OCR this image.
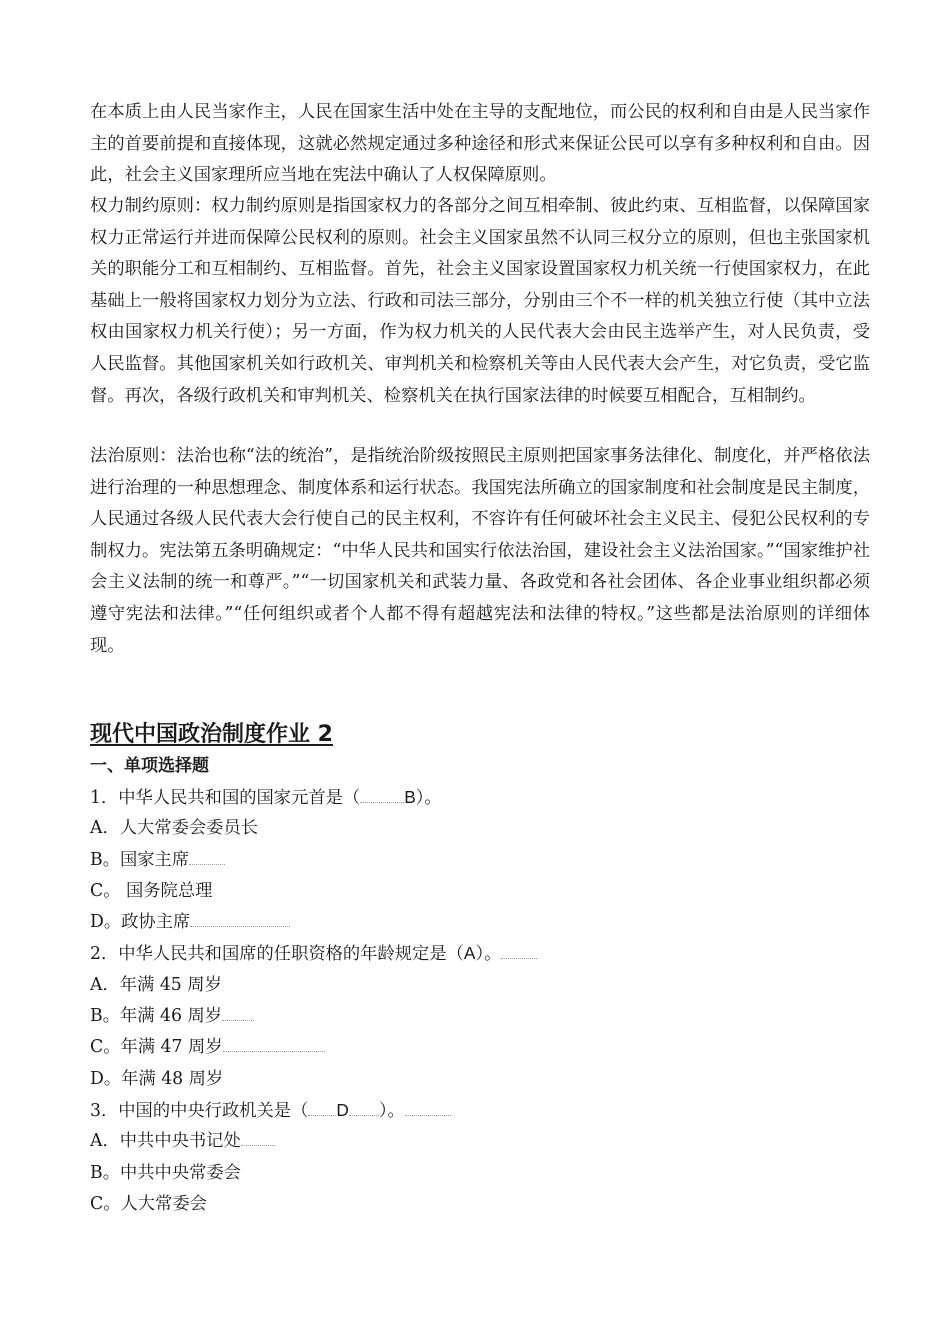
在本质上由人民当家作主，人民在国家生活中处在主导的支配地位，而公民的权利和自由是人民当家作主的首要前提和直接体现，这就必然规定通过多种途径和形式来保证公民可以享有多种权利和自由。因此，社会主义国家理所应当地在宪法中确认了人权保障原则。

权力制约原则：权力制约原则是指国家权力的各部分之间互相牵制、彼此约束、互相监督，以保障国家权力正常运行并进而保障公民权利的原则。社会主义国家虽然不认同三权分立的原则，但也主张国家机关的职能分工和互相制约、互相监督。首先，社会主义国家设置国家权力机关统一行使国家权力，在此基础上一般将国家权力划分为立法、行政和司法三部分，分别由三个不一样的机关独立行使（其中立法权由国家权力机关行使）；另一方面，作为权力机关的人民代表大会由民主选举产生，对人民负责，受人民监督。其他国家机关如行政机关、审判机关和检察机关等由人民代表大会产生，对它负责，受它监督。再次，各级行政机关和审判机关、检察机关在执行国家法律的时候要互相配合，互相制约。

法治原则：法治也称“法的统治”，是指统治阶级按照民主原则把国家事务法律化、制度化，并严格依法进行治理的一种思想理念、制度体系和运行状态。我国宪法所确立的国家制度和社会制度是民主制度，人民通过各级人民代表大会行使自己的民主权利，不容许有任何破坏社会主义民主、侵犯公民权利的专制权力。宪法第五条明确规定：“中华人民共和国实行依法治国，建设社会主义法治国家。”“国家维护社会主义法制的统一和尊严。”“一切国家机关和武装力量、各政党和各社会团体、各企业事业组织都必须遵守宪法和法律。”“任何组织或者个人都不得有超越宪法和法律的特权。”这些都是法治原则的详细体现。

现代中国政治制度作业 2
一、单项选择题
1．中华人民共和国的国家元首是（	B）。
A．人大常委会委员长
B。国家主席
C。 国务院总理
D。政协主席
2．中华人民共和国席的任职资格的年龄规定是（A）。
A．年满 45 周岁
B。年满 46 周岁
C。年满 47 周岁
D。年满 48 周岁
3．中国的中央行政机关是（ D ）。
A．中共中央书记处
B。中共中央常委会
C。人大常委会
